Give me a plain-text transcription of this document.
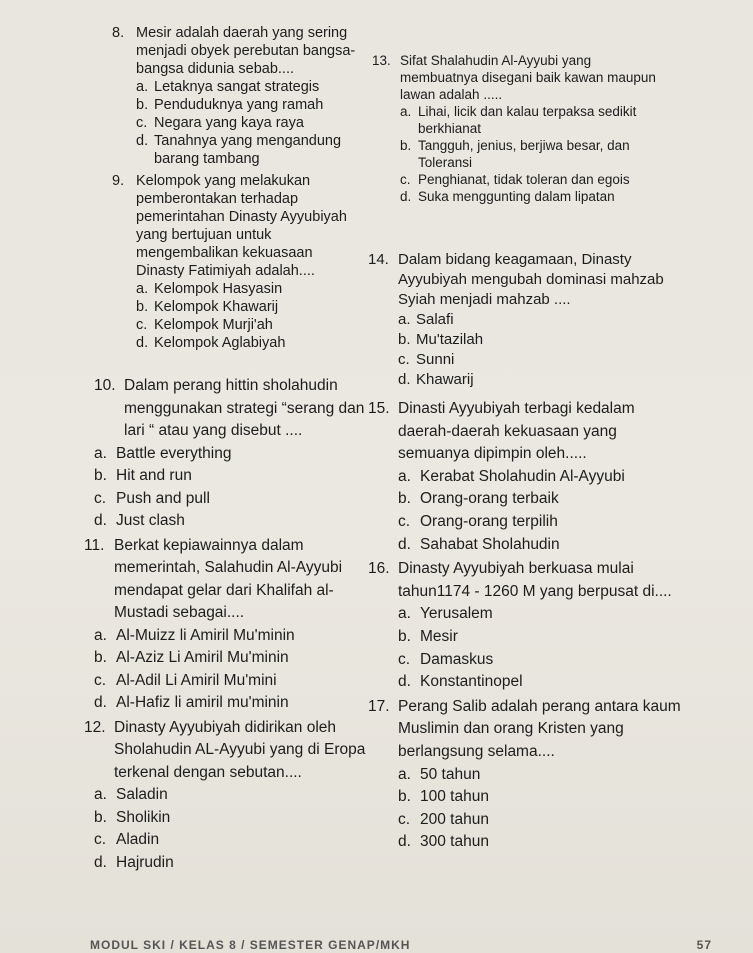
8. Mesir adalah daerah yang sering menjadi obyek perebutan bangsa-bangsa didunia sebab....
a. Letaknya sangat strategis
b. Penduduknya yang ramah
c. Negara yang kaya raya
d. Tanahnya yang mengandung barang tambang
9. Kelompok yang melakukan pemberontakan terhadap pemerintahan Dinasty Ayyubiyah yang bertujuan untuk mengembalikan kekuasaan Dinasty Fatimiyah adalah....
a. Kelompok Hasyasin
b. Kelompok Khawarij
c. Kelompok Murji'ah
d. Kelompok Aglabiyah
10. Dalam perang hittin sholahudin menggunakan strategi “serang dan lari “ atau yang disebut ....
a. Battle everything
b. Hit and run
c. Push and pull
d. Just clash
11. Berkat kepiawainnya dalam memerintah, Salahudin Al-Ayyubi mendapat gelar dari Khalifah al-Mustadi sebagai....
a. Al-Muizz li Amiril Mu'minin
b. Al-Aziz Li Amiril Mu'minin
c. Al-Adil Li Amiril Mu'mini
d. Al-Hafiz li amiril mu'minin
12. Dinasty Ayyubiyah didirikan oleh Sholahudin AL-Ayyubi yang di Eropa terkenal dengan sebutan....
a. Saladin
b. Sholikin
c. Aladin
d. Hajrudin
13. Sifat Shalahudin Al-Ayyubi yang membuatnya disegani baik kawan maupun lawan adalah .....
a. Lihai, licik dan kalau terpaksa sedikit berkhianat
b. Tangguh, jenius, berjiwa besar, dan Toleransi
c. Penghianat, tidak toleran dan egois
d. Suka menggunting dalam lipatan
14. Dalam bidang keagamaan, Dinasty Ayyubiyah mengubah dominasi mahzab Syiah menjadi mahzab ....
a. Salafi
b. Mu'tazilah
c. Sunni
d. Khawarij
15. Dinasti Ayyubiyah terbagi kedalam daerah-daerah kekuasaan yang semuanya dipimpin oleh.....
a. Kerabat Sholahudin Al-Ayyubi
b. Orang-orang terbaik
c. Orang-orang terpilih
d. Sahabat Sholahudin
16. Dinasty Ayyubiyah berkuasa mulai tahun1174 - 1260 M yang berpusat di....
a. Yerusalem
b. Mesir
c. Damaskus
d. Konstantinopel
17. Perang Salib adalah perang antara kaum Muslimin dan orang Kristen yang berlangsung selama....
a. 50 tahun
b. 100 tahun
c. 200 tahun
d. 300 tahun
MODUL SKI / KELAS 8 / SEMESTER GENAP/MKH	57
